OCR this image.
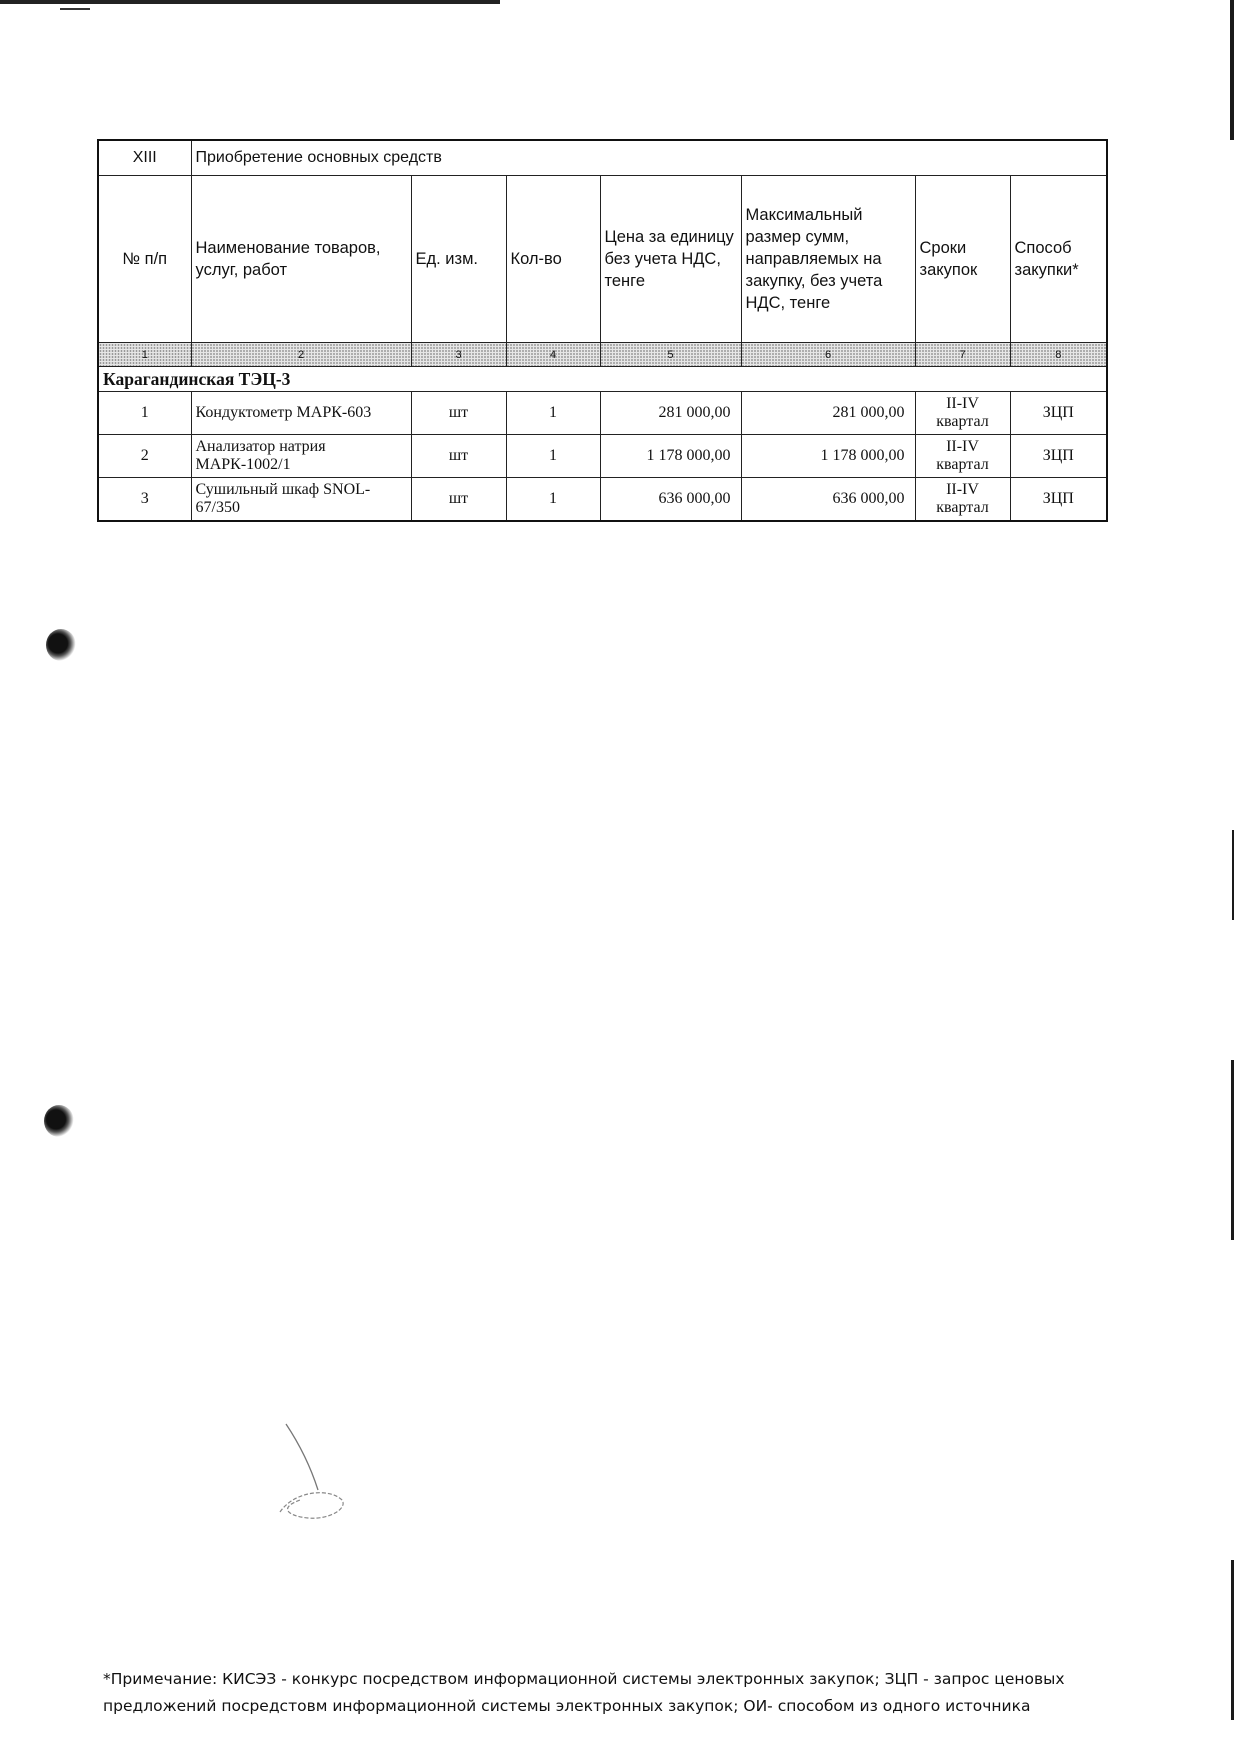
XIII	Приобретение основных средств						
№ п/п	Наименование товаров, услуг, работ	Ед. изм.	Кол-во	Цена за единицу без учета НДС, тенге	Максимальный размер сумм, направляемых на закупку, без учета НДС, тенге	Сроки закупок	Способ закупки*
1	2	3	4	5	6	7	8
Карагандинская ТЭЦ-3							
1	Кондуктометр МАРК-603	шт	1	281 000,00	281 000,00	II-IV квартал	ЗЦП
2	Анализатор натрия МАРК-1002/1	шт	1	1 178 000,00	1 178 000,00	II-IV квартал	ЗЦП
3	Сушильный шкаф SNOL-67/350	шт	1	636 000,00	636 000,00	II-IV квартал	ЗЦП
*Примечание: КИСЭЗ - конкурс посредством информационной системы электронных закупок; ЗЦП - запрос ценовых предложений посредстовм информационной системы электронных закупок; ОИ- способом из одного источника
